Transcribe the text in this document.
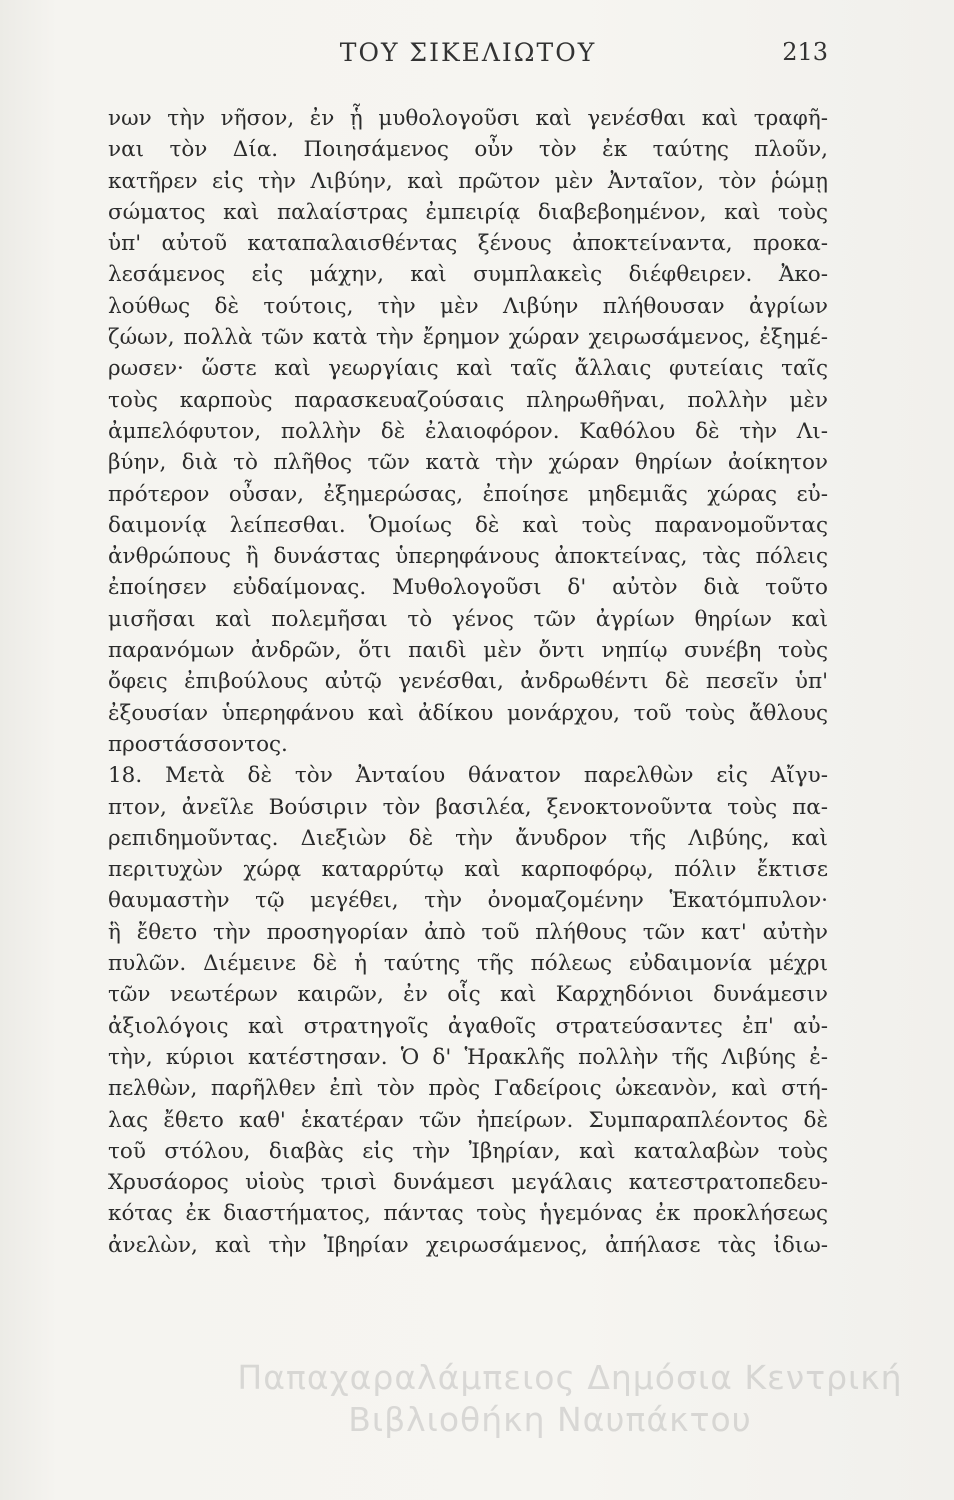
ΤΟΥ ΣΙΚΕΛΙΩΤΟΥ	213
νων τὴν νῆσον, ἐν ᾗ μυθολογοῦσι καὶ γενέσθαι καὶ τραφῆ-
ναι τὸν Δία. Ποιησάμενος οὖν τὸν ἐκ ταύτης πλοῦν,
κατῆρεν εἰς τὴν Λιβύην, καὶ πρῶτον μὲν Ἀνταῖον, τὸν ῥώμῃ
σώματος καὶ παλαίστρας ἐμπειρίᾳ διαβεβοημένον, καὶ τοὺς
ὑπ' αὐτοῦ καταπαλαισθέντας ξένους ἀποκτείναντα, προκα-
λεσάμενος εἰς μάχην, καὶ συμπλακεὶς διέφθειρεν. Ἀκο-
λούθως δὲ τούτοις, τὴν μὲν Λιβύην πλήθουσαν ἀγρίων
ζώων, πολλὰ τῶν κατὰ τὴν ἔρημον χώραν χειρωσάμενος, ἐξημέ-
ρωσεν· ὥστε καὶ γεωργίαις καὶ ταῖς ἄλλαις φυτείαις ταῖς
τοὺς καρποὺς παρασκευαζούσαις πληρωθῆναι, πολλὴν μὲν
ἀμπελόφυτον, πολλὴν δὲ ἐλαιοφόρον. Καθόλου δὲ τὴν Λι-
βύην, διὰ τὸ πλῆθος τῶν κατὰ τὴν χώραν θηρίων ἀοίκητον
πρότερον οὖσαν, ἐξημερώσας, ἐποίησε μηδεμιᾶς χώρας εὐ-
δαιμονίᾳ λείπεσθαι. Ὁμοίως δὲ καὶ τοὺς παρανομοῦντας
ἀνθρώπους ἢ δυνάστας ὑπερηφάνους ἀποκτείνας, τὰς πόλεις
ἐποίησεν εὐδαίμονας. Μυθολογοῦσι δ' αὐτὸν διὰ τοῦτο
μισῆσαι καὶ πολεμῆσαι τὸ γένος τῶν ἀγρίων θηρίων καὶ
παρανόμων ἀνδρῶν, ὅτι παιδὶ μὲν ὄντι νηπίῳ συνέβη τοὺς
ὄφεις ἐπιβούλους αὐτῷ γενέσθαι, ἀνδρωθέντι δὲ πεσεῖν ὑπ'
ἐξουσίαν ὑπερηφάνου καὶ ἀδίκου μονάρχου, τοῦ τοὺς ἄθλους
προστάσσοντος.
18. Μετὰ δὲ τὸν Ἀνταίου θάνατον παρελθὼν εἰς Αἴγυ-
πτον, ἀνεῖλε Βούσιριν τὸν βασιλέα, ξενοκτονοῦντα τοὺς πα-
ρεπιδημοῦντας. Διεξιὼν δὲ τὴν ἄνυδρον τῆς Λιβύης, καὶ
περιτυχὼν χώρᾳ καταρρύτῳ καὶ καρποφόρῳ, πόλιν ἔκτισε
θαυμαστὴν τῷ μεγέθει, τὴν ὀνομαζομένην Ἑκατόμπυλον·
ἣ ἔθετο τὴν προσηγορίαν ἀπὸ τοῦ πλήθους τῶν κατ' αὐτὴν
πυλῶν. Διέμεινε δὲ ἡ ταύτης τῆς πόλεως εὐδαιμονία μέχρι
τῶν νεωτέρων καιρῶν, ἐν οἷς καὶ Καρχηδόνιοι δυνάμεσιν
ἀξιολόγοις καὶ στρατηγοῖς ἀγαθοῖς στρατεύσαντες ἐπ' αὐ-
τὴν, κύριοι κατέστησαν. Ὁ δ' Ἡρακλῆς πολλὴν τῆς Λιβύης ἐ-
πελθὼν, παρῆλθεν ἐπὶ τὸν πρὸς Γαδείροις ὠκεανὸν, καὶ στή-
λας ἔθετο καθ' ἑκατέραν τῶν ἠπείρων. Συμπαραπλέοντος δὲ
τοῦ στόλου, διαβὰς εἰς τὴν Ἰβηρίαν, καὶ καταλαβὼν τοὺς
Χρυσάορος υἱοὺς τρισὶ δυνάμεσι μεγάλαις κατεστρατοπεδευ-
κότας ἐκ διαστήματος, πάντας τοὺς ἡγεμόνας ἐκ προκλήσεως
ἀνελὼν, καὶ τὴν Ἰβηρίαν χειρωσάμενος, ἀπήλασε τὰς ἰδιω-
Παπαχαραλάμπειος Δημόσια Κεντρική
Βιβλιοθήκη Ναυπάκτου
